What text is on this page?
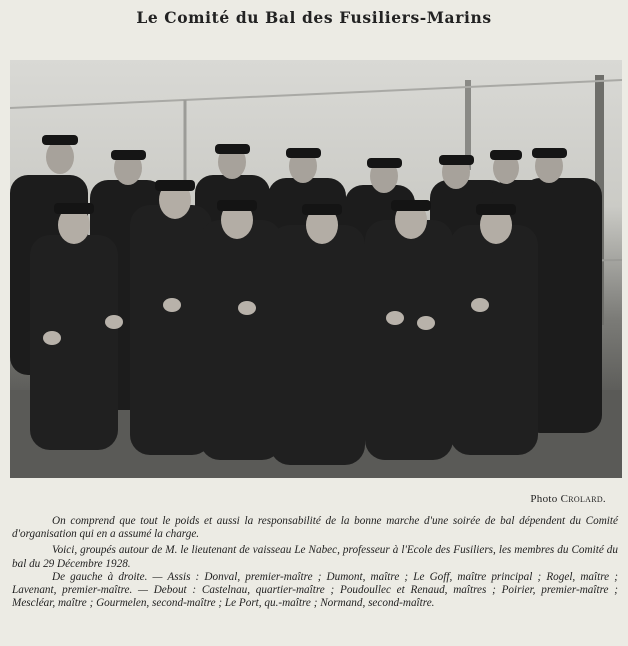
Le Comité du Bal des Fusiliers-Marins
Photo Crolard.

On comprend que tout le poids et aussi la responsabilité de la bonne marche d'une soirée de bal dépendent du Comité d'organisation qui en a assumé la charge.

Voici, groupés autour de M. le lieutenant de vaisseau Le Nabec, professeur à l'Ecole des Fusiliers, les membres du Comité du bal du 29 Décembre 1928.

De gauche à droite. — Assis : Donval, premier-maître ; Dumont, maître ; Le Goff, maître principal ; Rogel, maître ; Lavenant, premier-maître. — Debout : Castelnau, quartier-maître ; Poudoullec et Renaud, maîtres ; Poirier, premier-maître ; Mescléar, maître ; Gourmelen, second-maître ; Le Port, qu.-maître ; Normand, second-maître.
